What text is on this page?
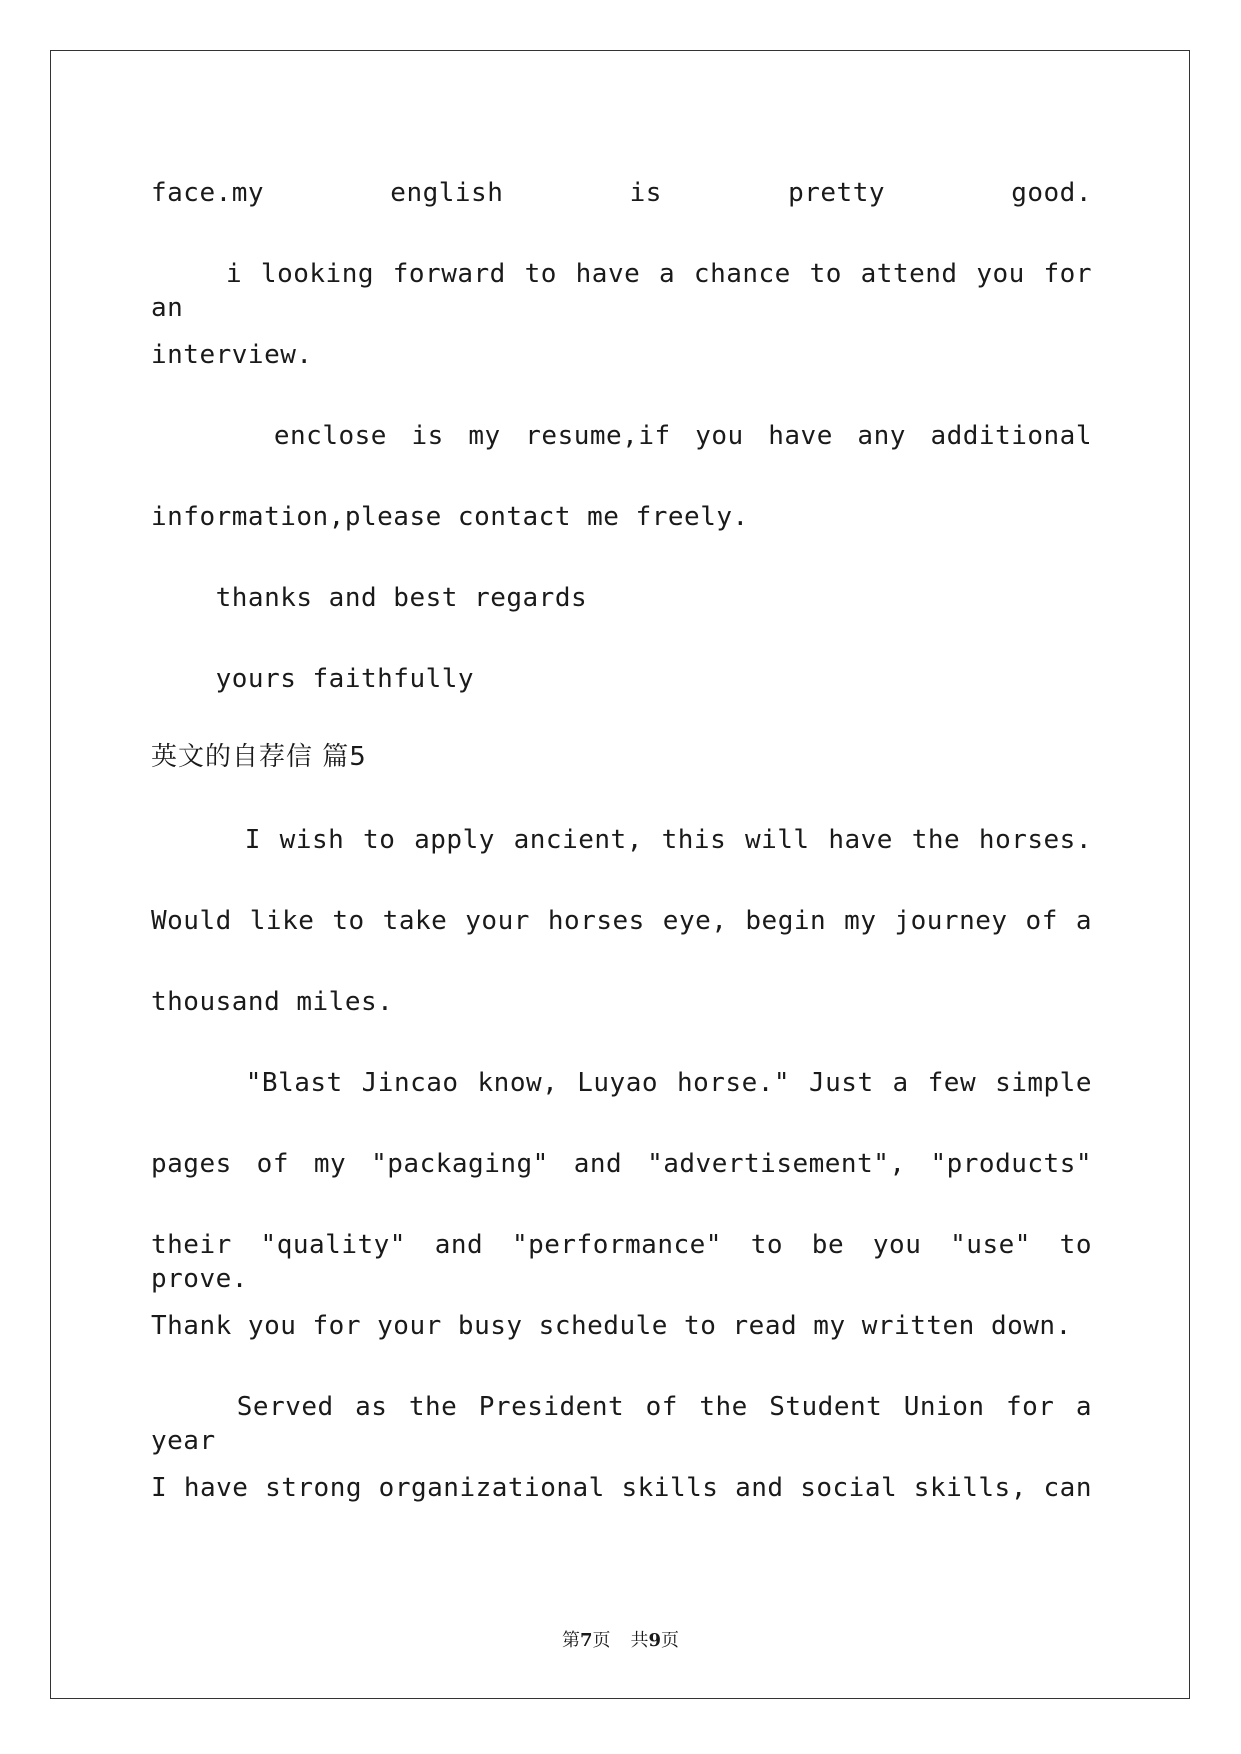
face.my english is pretty good.
i looking forward to have a chance to attend you for an
interview.
enclose is my resume,if you have any additional
information,please contact me freely.
thanks and best regards
yours faithfully
英文的自荐信 篇5
I wish to apply ancient, this will have the horses.
Would like to take your horses eye, begin my journey of a
thousand miles.
"Blast Jincao know, Luyao horse." Just a few simple
pages of my "packaging" and "advertisement", "products"
their "quality" and "performance" to be you "use" to prove.
Thank you for your busy schedule to read my written down.
Served as the President of the Student Union for a year
I have strong organizational skills and social skills, can
第7页 共9页
